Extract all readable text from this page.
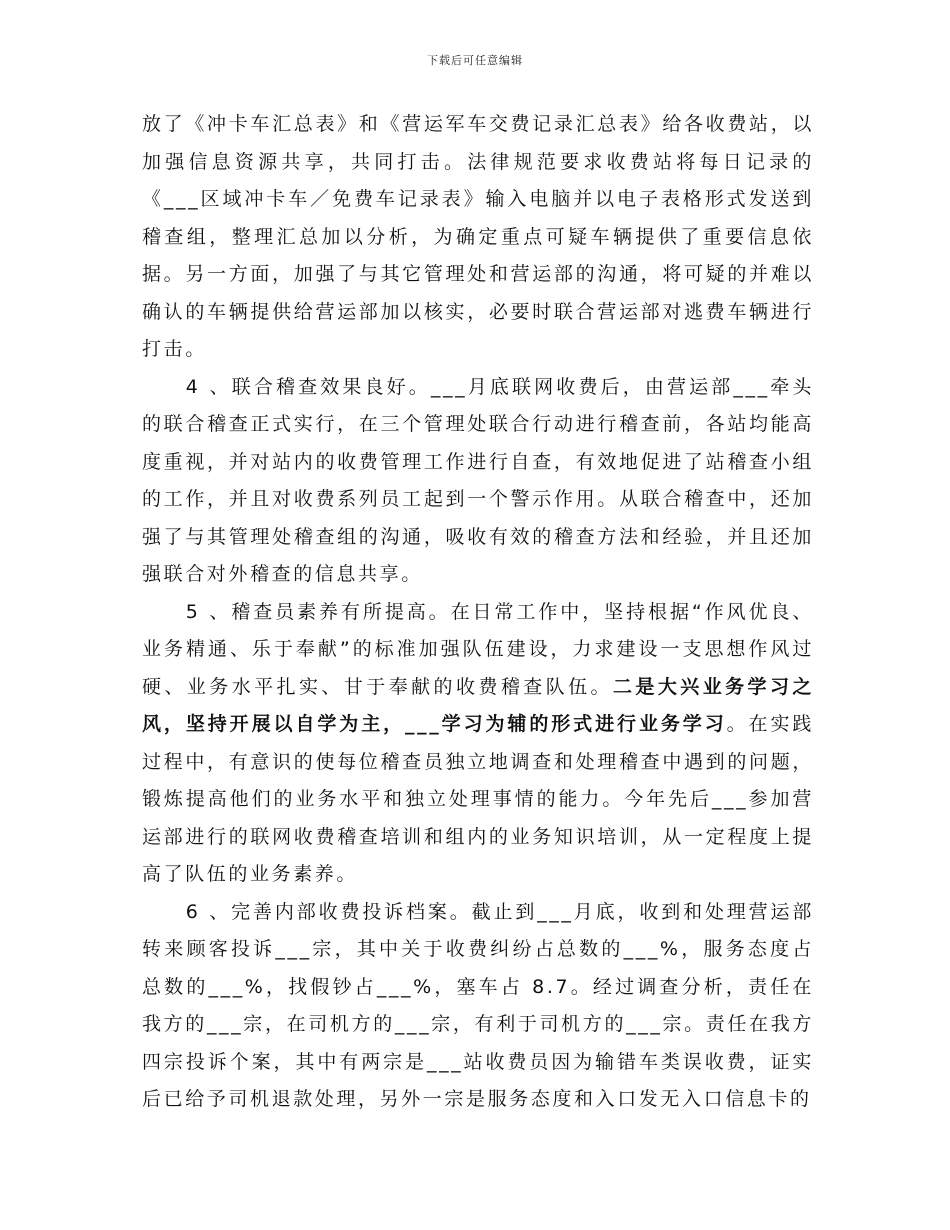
下载后可任意编辑

放了《冲卡车汇总表》和《营运军车交费记录汇总表》给各收费站，以加强信息资源共享，共同打击。法律规范要求收费站将每日记录的《___区域冲卡车／免费车记录表》输入电脑并以电子表格形式发送到稽查组，整理汇总加以分析，为确定重点可疑车辆提供了重要信息依据。另一方面，加强了与其它管理处和营运部的沟通，将可疑的并难以确认的车辆提供给营运部加以核实，必要时联合营运部对逃费车辆进行打击。

4 、联合稽查效果良好。___月底联网收费后，由营运部___牵头的联合稽查正式实行，在三个管理处联合行动进行稽查前，各站均能高度重视，并对站内的收费管理工作进行自查，有效地促进了站稽查小组的工作，并且对收费系列员工起到一个警示作用。从联合稽查中，还加强了与其管理处稽查组的沟通，吸收有效的稽查方法和经验，并且还加强联合对外稽查的信息共享。

5 、稽查员素养有所提高。在日常工作中，坚持根据“作风优良、业务精通、乐于奉献”的标准加强队伍建设，力求建设一支思想作风过硬、业务水平扎实、甘于奉献的收费稽查队伍。二是大兴业务学习之风，坚持开展以自学为主，___学习为辅的形式进行业务学习。在实践过程中，有意识的使每位稽查员独立地调查和处理稽查中遇到的问题，锻炼提高他们的业务水平和独立处理事情的能力。今年先后___参加营运部进行的联网收费稽查培训和组内的业务知识培训，从一定程度上提高了队伍的业务素养。

6 、完善内部收费投诉档案。截止到___月底，收到和处理营运部转来顾客投诉___宗，其中关于收费纠纷占总数的___%，服务态度占总数的___%，找假钞占___%，塞车占 8.7。经过调查分析，责任在我方的___宗，在司机方的___宗，有利于司机方的___宗。责任在我方四宗投诉个案，其中有两宗是___站收费员因为输错车类误收费，证实后已给予司机退款处理，另外一宗是服务态度和入口发无入口信息卡的
